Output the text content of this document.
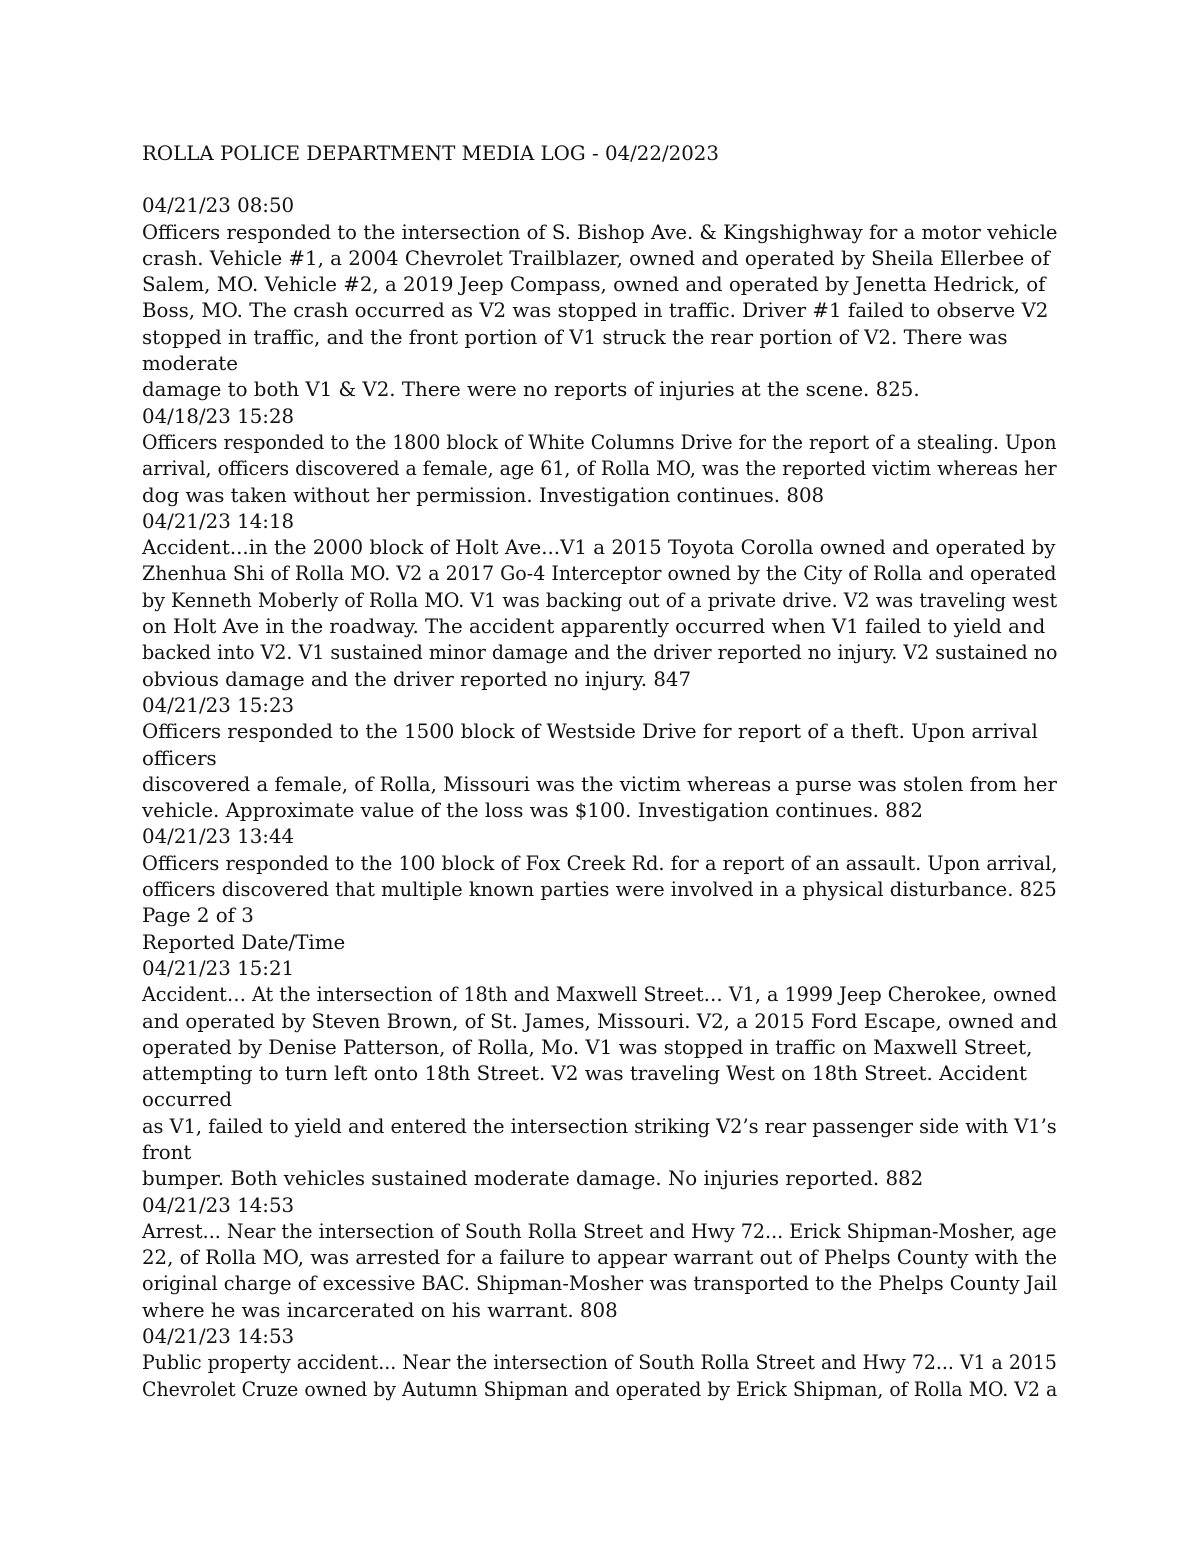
ROLLA POLICE DEPARTMENT MEDIA LOG - 04/22/2023
04/21/23 08:50
Officers responded to the intersection of S. Bishop Ave. & Kingshighway for a motor vehicle
crash. Vehicle #1, a 2004 Chevrolet Trailblazer, owned and operated by Sheila Ellerbee of
Salem, MO. Vehicle #2, a 2019 Jeep Compass, owned and operated by Jenetta Hedrick, of
Boss, MO. The crash occurred as V2 was stopped in traffic. Driver #1 failed to observe V2
stopped in traffic, and the front portion of V1 struck the rear portion of V2. There was
moderate
damage to both V1 & V2. There were no reports of injuries at the scene. 825.
04/18/23 15:28
Officers responded to the 1800 block of White Columns Drive for the report of a stealing. Upon
arrival, officers discovered a female, age 61, of Rolla MO, was the reported victim whereas her
dog was taken without her permission. Investigation continues. 808
04/21/23 14:18
Accident...in the 2000 block of Holt Ave...V1 a 2015 Toyota Corolla owned and operated by
Zhenhua Shi of Rolla MO. V2 a 2017 Go-4 Interceptor owned by the City of Rolla and operated
by Kenneth Moberly of Rolla MO. V1 was backing out of a private drive. V2 was traveling west
on Holt Ave in the roadway. The accident apparently occurred when V1 failed to yield and
backed into V2. V1 sustained minor damage and the driver reported no injury. V2 sustained no
obvious damage and the driver reported no injury. 847
04/21/23 15:23
Officers responded to the 1500 block of Westside Drive for report of a theft. Upon arrival
officers
discovered a female, of Rolla, Missouri was the victim whereas a purse was stolen from her
vehicle. Approximate value of the loss was $100. Investigation continues. 882
04/21/23 13:44
Officers responded to the 100 block of Fox Creek Rd. for a report of an assault. Upon arrival,
officers discovered that multiple known parties were involved in a physical disturbance. 825
Page 2 of 3
Reported Date/Time
04/21/23 15:21
Accident… At the intersection of 18th and Maxwell Street… V1, a 1999 Jeep Cherokee, owned
and operated by Steven Brown, of St. James, Missouri. V2, a 2015 Ford Escape, owned and
operated by Denise Patterson, of Rolla, Mo. V1 was stopped in traffic on Maxwell Street,
attempting to turn left onto 18th Street. V2 was traveling West on 18th Street. Accident
occurred
as V1, failed to yield and entered the intersection striking V2’s rear passenger side with V1’s
front
bumper. Both vehicles sustained moderate damage. No injuries reported. 882
04/21/23 14:53
Arrest... Near the intersection of South Rolla Street and Hwy 72... Erick Shipman-Mosher, age
22, of Rolla MO, was arrested for a failure to appear warrant out of Phelps County with the
original charge of excessive BAC. Shipman-Mosher was transported to the Phelps County Jail
where he was incarcerated on his warrant. 808
04/21/23 14:53
Public property accident... Near the intersection of South Rolla Street and Hwy 72... V1 a 2015
Chevrolet Cruze owned by Autumn Shipman and operated by Erick Shipman, of Rolla MO. V2 a
